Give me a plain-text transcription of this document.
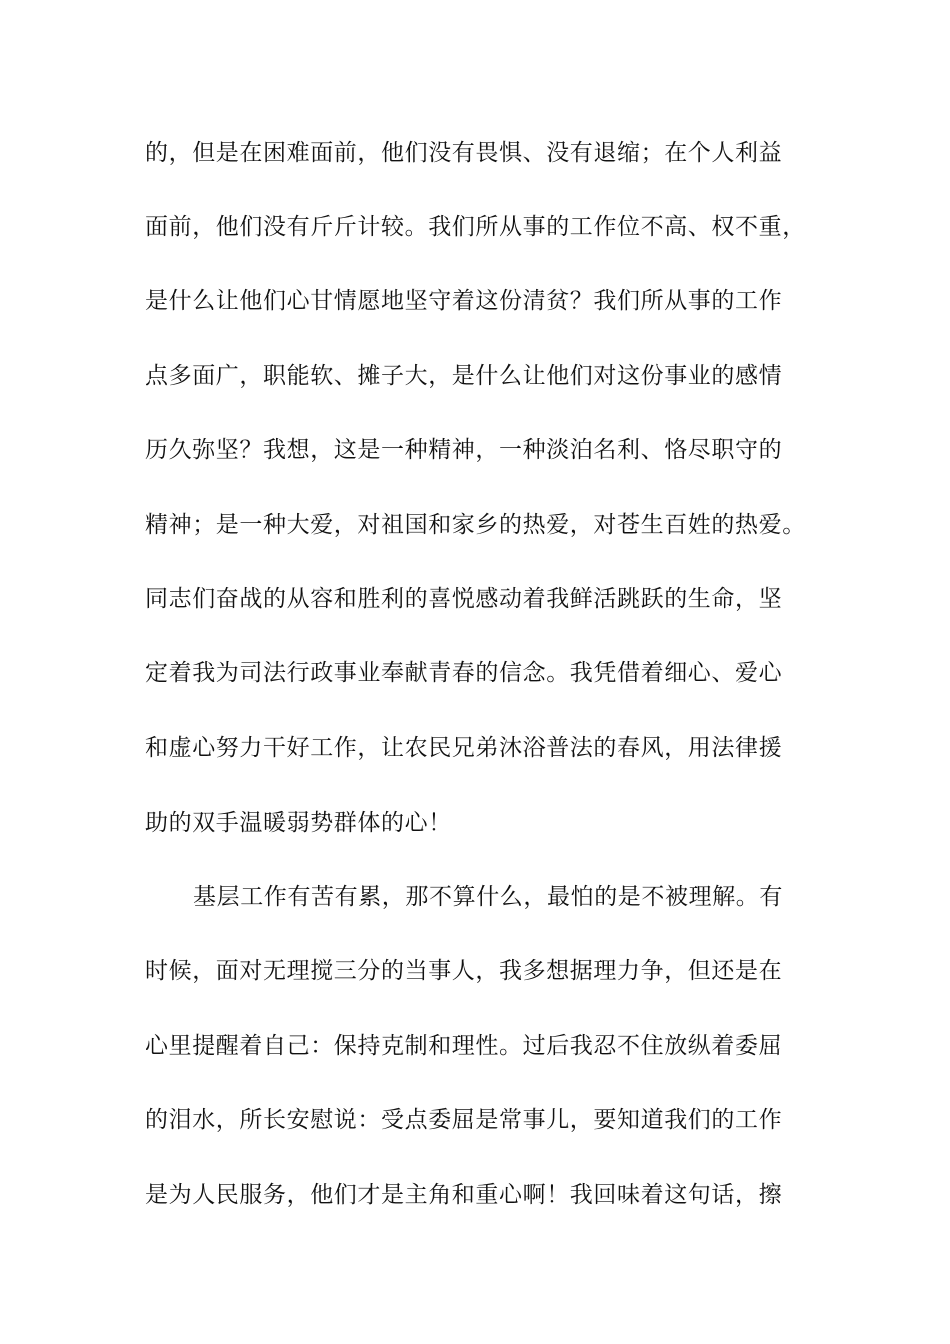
的，但是在困难面前，他们没有畏惧、没有退缩；在个人利益
面前，他们没有斤斤计较。我们所从事的工作位不高、权不重，
是什么让他们心甘情愿地坚守着这份清贫？我们所从事的工作
点多面广，职能软、摊子大，是什么让他们对这份事业的感情
历久弥坚？我想，这是一种精神，一种淡泊名利、恪尽职守的
精神；是一种大爱，对祖国和家乡的热爱，对苍生百姓的热爱。
同志们奋战的从容和胜利的喜悦感动着我鲜活跳跃的生命，坚
定着我为司法行政事业奉献青春的信念。我凭借着细心、爱心
和虚心努力干好工作，让农民兄弟沐浴普法的春风，用法律援
助的双手温暖弱势群体的心！
基层工作有苦有累，那不算什么，最怕的是不被理解。有
时候，面对无理搅三分的当事人，我多想据理力争，但还是在
心里提醒着自己：保持克制和理性。过后我忍不住放纵着委屈
的泪水，所长安慰说：受点委屈是常事儿，要知道我们的工作
是为人民服务，他们才是主角和重心啊！我回味着这句话，擦
